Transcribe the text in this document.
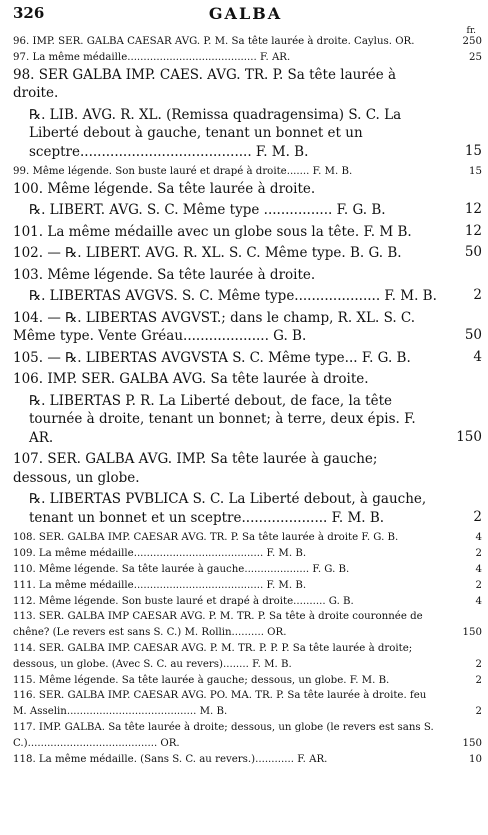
326	GALBA
fr.
96. IMP. SER. GALBA CAESAR AVG. P. M. Sa tête laurée à droite. Caylus. OR.	250
97. La même médaille........................................ F. AR.	25
98. SER GALBA IMP. CAES. AVG. TR. P. Sa tête laurée à droite.
℞. LIB. AVG. R. XL. (Remissa quadragensima) S. C. La Liberté debout à gauche, tenant un bonnet et un sceptre........................................ F. M. B.	15
99. Même légende. Son buste lauré et drapé à droite....... F. M. B.	15
100. Même légende. Sa tête laurée à droite.
℞. LIBERT. AVG. S. C. Même type ................ F. G. B.	12
101. La même médaille avec un globe sous la tête. F. M B.	12
102. — ℞. LIBERT. AVG. R. XL. S. C. Même type. B. G. B.	50
103. Même légende. Sa tête laurée à droite.
℞. LIBERTAS AVGVS. S. C. Même type.................... F. M. B.	2
104. — ℞. LIBERTAS AVGVST.; dans le champ, R. XL. S. C. Même type. Vente Gréau.................... G. B.	50
105. — ℞. LIBERTAS AVGVSTA S. C. Même type... F. G. B.	4
106. IMP. SER. GALBA AVG. Sa tête laurée à droite.
℞. LIBERTAS P. R. La Liberté debout, de face, la tête tournée à droite, tenant un bonnet; à terre, deux épis. F. AR.	150
107. SER. GALBA AVG. IMP. Sa tête laurée à gauche; dessous, un globe.
℞. LIBERTAS PVBLICA S. C. La Liberté debout, à gauche, tenant un bonnet et un sceptre.................... F. M. B.	2
108. SER. GALBA IMP. CAESAR AVG. TR. P. Sa tête laurée à droite F. G. B.	4
109. La même médaille........................................ F. M. B.	2
110. Même légende. Sa tête laurée à gauche.................... F. G. B.	4
111. La même médaille........................................ F. M. B.	2
112. Même légende. Son buste lauré et drapé à droite.......... G. B.	4
113. SER. GALBA IMP CAESAR AVG. P. M. TR. P. Sa tête à droite couronnée de chêne? (Le revers est sans S. C.) M. Rollin.......... OR.	150
114. SER. GALBA IMP. CAESAR AVG. P. M. TR. P. P. P. Sa tête laurée à droite; dessous, un globe. (Avec S. C. au revers)........ F. M. B.	2
115. Même légende. Sa tête laurée à gauche; dessous, un globe. F. M. B.	2
116. SER. GALBA IMP. CAESAR AVG. PO. MA. TR. P. Sa tête laurée à droite. feu M. Asselin........................................ M. B.	2
117. IMP. GALBA. Sa tête laurée à droite; dessous, un globe (le revers est sans S. C.)........................................ OR.	150
118. La même médaille. (Sans S. C. au revers.)............ F. AR.	10
